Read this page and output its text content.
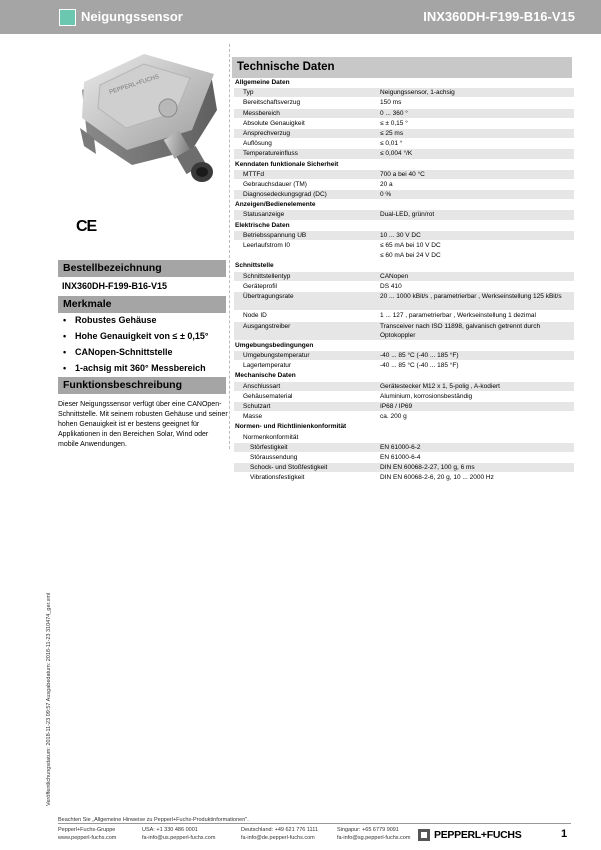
Neigungssensor	INX360DH-F199-B16-V15
PEPPERL+FUCHS
CE
Bestellbezeichnung
INX360DH-F199-B16-V15
Merkmale
• Robustes Gehäuse
• Hohe Genauigkeit von ≤ ± 0,15°
• CANopen-Schnittstelle
• 1-achsig mit 360° Messbereich
Funktionsbeschreibung
Dieser Neigungssensor verfügt über eine CANOpen-Schnittstelle. Mit seinem robusten Gehäuse und seiner hohen Genauigkeit ist er bestens geeignet für Applikationen in den Bereichen Solar, Wind oder mobile Anwendungen.
Technische Daten
Allgemeine Daten
Typ	Neigungssensor, 1-achsig
Bereitschaftsverzug	150 ms
Messbereich	0 ... 360 °
Absolute Genauigkeit	≤ ± 0,15 °
Ansprechverzug	≤ 25 ms
Auflösung	≤ 0,01 °
Temperatureinfluss	≤ 0,004 °/K
Kenndaten funktionale Sicherheit
MTTFd	700 a bei 40 °C
Gebrauchsdauer (TM)	20 a
Diagnosedeckungsgrad (DC)	0 %
Anzeigen/Bedienelemente
Statusanzeige	Dual-LED, grün/rot
Elektrische Daten
Betriebsspannung UB	10 ... 30 V DC
Leerlaufstrom I0	≤ 65 mA bei 10 V DC
≤ 60 mA bei 24 V DC
Schnittstelle
Schnittstellentyp	CANopen
Geräteprofil	DS 410
Übertragungsrate	20 ... 1000 kBit/s , parametrierbar , Werkseinstellung 125 kBit/s
Node ID	1 ... 127 , parametrierbar , Werkseinstellung 1 dezimal
Ausgangstreiber	Transceiver nach ISO 11898, galvanisch getrennt durch Optokoppler
Umgebungsbedingungen
Umgebungstemperatur	-40 ... 85 °C (-40 ... 185 °F)
Lagertemperatur	-40 ... 85 °C (-40 ... 185 °F)
Mechanische Daten
Anschlussart	Gerätestecker M12 x 1, 5-polig , A-kodiert
Gehäusematerial	Aluminium, korrosionsbeständig
Schutzart	IP68 / IP69
Masse	ca. 200 g
Normen- und Richtlinienkonformität
Normenkonformität
Störfestigkeit	EN 61000-6-2
Störaussendung	EN 61000-6-4
Schock- und Stoßfestigkeit	DIN EN 60068-2-27, 100 g, 6 ms
Vibrationsfestigkeit	DIN EN 60068-2-6, 20 g, 10 ... 2000 Hz
Veröffentlichungsdatum: 2018-11-23 09:57 Ausgabedatum: 2018-11-23 310474_ger.xml
Beachten Sie „Allgemeine Hinweise zu Pepperl+Fuchs-Produktinformationen".
Pepperl+Fuchs-Gruppe
www.pepperl-fuchs.com
USA: +1 330 486 0001
fa-info@us.pepperl-fuchs.com
Deutschland: +49 621 776 1111
fa-info@de.pepperl-fuchs.com
Singapur: +65 6779 9091
fa-info@sg.pepperl-fuchs.com PEPPERL+FUCHS	1
